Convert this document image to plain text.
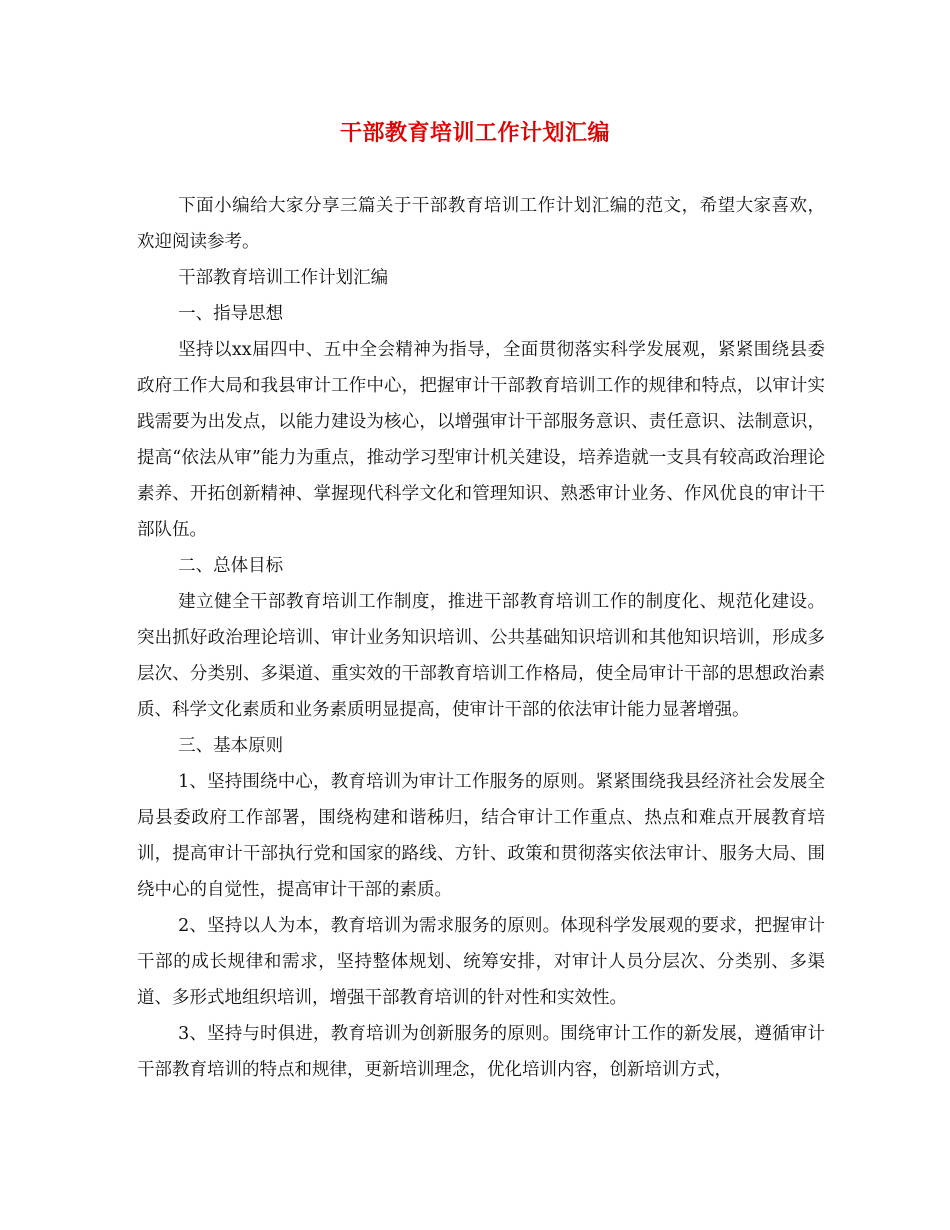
干部教育培训工作计划汇编

下面小编给大家分享三篇关于干部教育培训工作计划汇编的范文，希望大家喜欢，欢迎阅读参考。

干部教育培训工作计划汇编

一、指导思想

坚持以xx届四中、五中全会精神为指导，全面贯彻落实科学发展观，紧紧围绕县委政府工作大局和我县审计工作中心，把握审计干部教育培训工作的规律和特点，以审计实践需要为出发点，以能力建设为核心，以增强审计干部服务意识、责任意识、法制意识，提高“依法从审”能力为重点，推动学习型审计机关建设，培养造就一支具有较高政治理论素养、开拓创新精神、掌握现代科学文化和管理知识、熟悉审计业务、作风优良的审计干部队伍。

二、总体目标

建立健全干部教育培训工作制度，推进干部教育培训工作的制度化、规范化建设。突出抓好政治理论培训、审计业务知识培训、公共基础知识培训和其他知识培训，形成多层次、分类别、多渠道、重实效的干部教育培训工作格局，使全局审计干部的思想政治素质、科学文化素质和业务素质明显提高，使审计干部的依法审计能力显著增强。

三、基本原则

1、坚持围绕中心，教育培训为审计工作服务的原则。紧紧围绕我县经济社会发展全局县委政府工作部署，围绕构建和谐秭归，结合审计工作重点、热点和难点开展教育培训，提高审计干部执行党和国家的路线、方针、政策和贯彻落实依法审计、服务大局、围绕中心的自觉性，提高审计干部的素质。

2、坚持以人为本，教育培训为需求服务的原则。体现科学发展观的要求，把握审计干部的成长规律和需求，坚持整体规划、统筹安排，对审计人员分层次、分类别、多渠道、多形式地组织培训，增强干部教育培训的针对性和实效性。

3、坚持与时俱进，教育培训为创新服务的原则。围绕审计工作的新发展，遵循审计干部教育培训的特点和规律，更新培训理念，优化培训内容，创新培训方式，
